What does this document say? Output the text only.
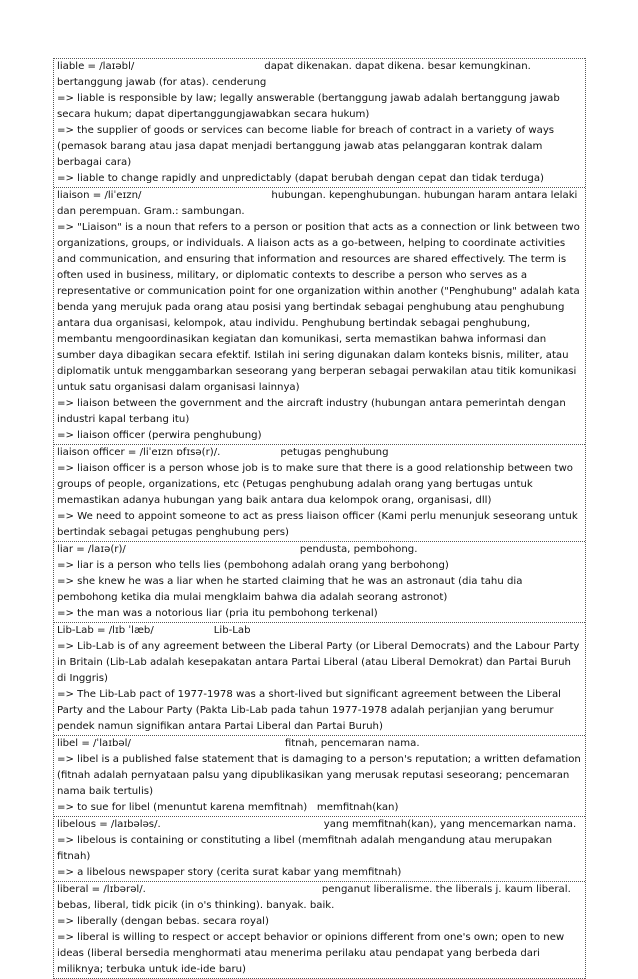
liable = /laɪəbl/	dapat dikenakan. dapat dikena. besar kemungkinan.
bertanggung jawab (for atas). cenderung
=> liable is responsible by law; legally answerable (bertanggung jawab adalah bertanggung jawab secara hukum; dapat dipertanggungjawabkan secara hukum)
=> the supplier of goods or services can become liable for breach of contract in a variety of ways (pemasok barang atau jasa dapat menjadi bertanggung jawab atas pelanggaran kontrak dalam berbagai cara)
=> liable to change rapidly and unpredictably (dapat berubah dengan cepat dan tidak terduga)
liaison = /liˈeɪzn/	hubungan. kepenghubungan. hubungan haram antara lelaki
dan perempuan. Gram.: sambungan.
=> "Liaison" is a noun that refers to a person or position that acts as a connection or link between two organizations, groups, or individuals. A liaison acts as a go-between, helping to coordinate activities and communication, and ensuring that information and resources are shared effectively. The term is often used in business, military, or diplomatic contexts to describe a person who serves as a representative or communication point for one organization within another ("Penghubung" adalah kata benda yang merujuk pada orang atau posisi yang bertindak sebagai penghubung atau penghubung antara dua organisasi, kelompok, atau individu. Penghubung bertindak sebagai penghubung, membantu mengoordinasikan kegiatan dan komunikasi, serta memastikan bahwa informasi dan sumber daya dibagikan secara efektif. Istilah ini sering digunakan dalam konteks bisnis, militer, atau diplomatik untuk menggambarkan seseorang yang berperan sebagai perwakilan atau titik komunikasi untuk satu organisasi dalam organisasi lainnya)
=> liaison between the government and the aircraft industry (hubungan antara pemerintah dengan industri kapal terbang itu)
=> liaison officer (perwira penghubung)
liaison officer = /liˈeɪzn ɒfɪsə(r)/.	petugas penghubung
=> liaison officer is a person whose job is to make sure that there is a good relationship between two groups of people, organizations, etc (Petugas penghubung adalah orang yang bertugas untuk memastikan adanya hubungan yang baik antara dua kelompok orang, organisasi, dll)
=> We need to appoint someone to act as press liaison officer (Kami perlu menunjuk seseorang untuk bertindak sebagai petugas penghubung pers)
liar = /laɪə(r)/	pendusta, pembohong.
=> liar is a person who tells lies (pembohong adalah orang yang berbohong)
=> she knew he was a liar when he started claiming that he was an astronaut (dia tahu dia pembohong ketika dia mulai mengklaim bahwa dia adalah seorang astronot)
=> the man was a notorious liar (pria itu pembohong terkenal)
Lib-Lab = /lɪb ˈlæb/	Lib-Lab
=> Lib-Lab is of any agreement between the Liberal Party (or Liberal Democrats) and the Labour Party in Britain (Lib-Lab adalah kesepakatan antara Partai Liberal (atau Liberal Demokrat) dan Partai Buruh di Inggris)
=> The Lib-Lab pact of 1977-1978 was a short-lived but significant agreement between the Liberal Party and the Labour Party (Pakta Lib-Lab pada tahun 1977-1978 adalah perjanjian yang berumur pendek namun signifikan antara Partai Liberal dan Partai Buruh)
libel = /ˈlaɪbəl/	fitnah, pencemaran nama.
=> libel is a published false statement that is damaging to a person's reputation; a written defamation (fitnah adalah pernyataan palsu yang dipublikasikan yang merusak reputasi seseorang; pencemaran nama baik tertulis)
=> to sue for libel (menuntut karena memfitnah)   memfitnah(kan)
libelous = /laɪbələs/.	yang memfitnah(kan), yang mencemarkan nama.
=> libelous is containing or constituting a libel (memfitnah adalah mengandung atau merupakan fitnah)
=> a libelous newspaper story (cerita surat kabar yang memfitnah)
liberal = /lɪbərəl/.	penganut liberalisme. the liberals j. kaum liberal.
bebas, liberal, tidk picik (in o's thinking). banyak. baik.
=> liberally (dengan bebas. secara royal)
=> liberal is willing to respect or accept behavior or opinions different from one's own; open to new ideas (liberal bersedia menghormati atau menerima perilaku atau pendapat yang berbeda dari miliknya; terbuka untuk ide-ide baru)
